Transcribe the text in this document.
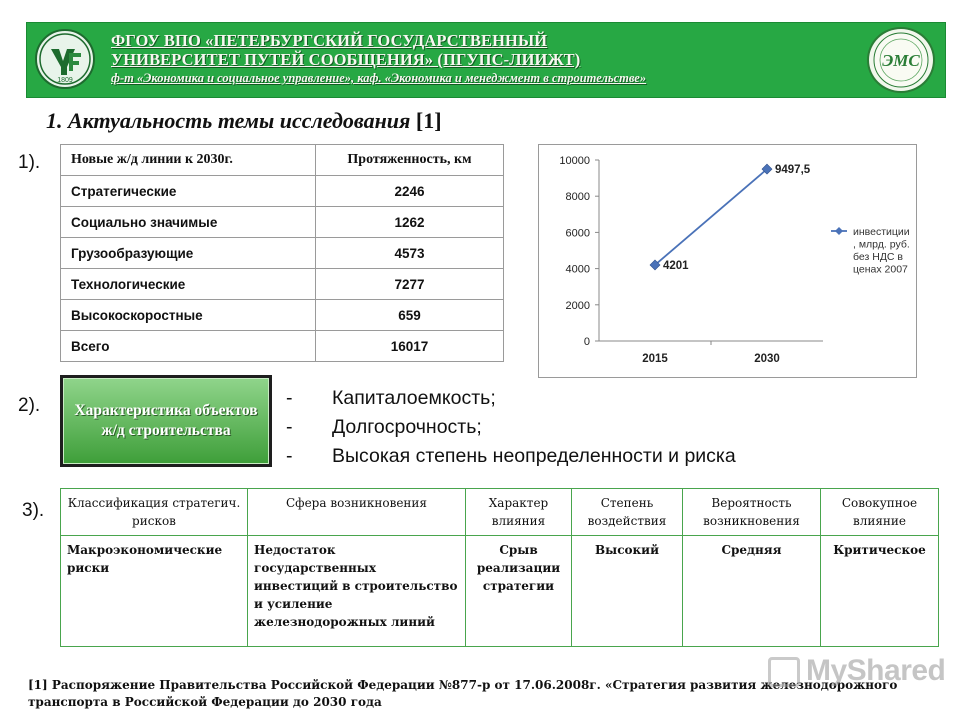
1809
ФГОУ ВПО «ПЕТЕРБУРГСКИЙ ГОСУДАРСТВЕННЫЙ
УНИВЕРСИТЕТ ПУТЕЙ СООБЩЕНИЯ» (ПГУПС-ЛИИЖТ)
ф-т «Экономика и социальное управление», каф. «Экономика и менеджмент в строительстве»
ЭМС
1. Актуальность темы исследования [1]
1).
2).
3).
Новые ж/д линии к 2030г.	Протяженность, км
Стратегические	2246
Социально значимые	1262
Грузообразующие	4573
Технологические	7277
Высокоскоростные	659
Всего	16017	0
2000
4000
6000
8000
10000
2015	2030
4201
9497,5
инвестиции
, млрд. руб.
без НДС в
ценах 2007
Характеристика объектов ж/д строительства
- Капиталоемкость;
- Долгосрочность;
- Высокая степень неопределенности и риска
Классификация стратегич. рисков	Сфера возникновения	Характер влияния	Степень воздействия	Вероятность возникновения	Совокупное влияние
Макроэкономические риски	Недостаток государственных инвестиций в строительство и усиление железнодорожных линий	Срыв реализации стратегии	Высокий	Средняя	Критическое
[1] Распоряжение Правительства Российской Федерации №877-р от 17.06.2008г. «Стратегия развития железнодорожного транспорта в Российской Федерации до 2030 года
MyShared
